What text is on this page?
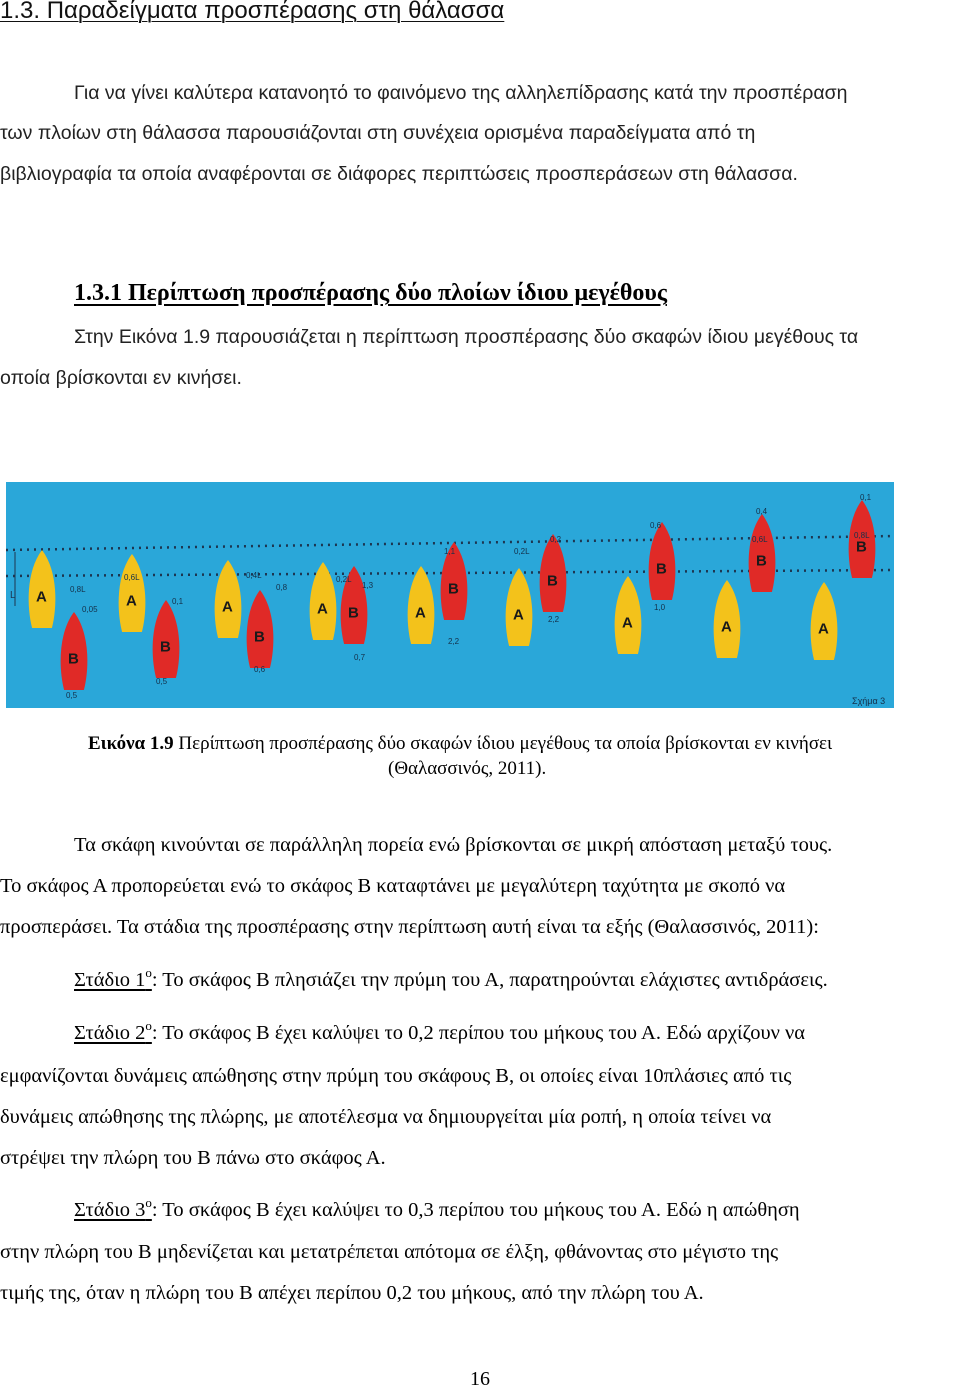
1.3. Παραδείγματα προσπέρασης στη θάλασσα
Για να γίνει καλύτερα κατανοητό το φαινόμενο της αλληλεπίδρασης κατά την προσπέραση
των πλοίων στη θάλασσα παρουσιάζονται στη συνέχεια ορισμένα παραδείγματα από τη
βιβλιογραφία τα οποία αναφέρονται σε διάφορες περιπτώσεις προσπεράσεων στη θάλασσα.
1.3.1 Περίπτωση προσπέρασης δύο πλοίων ίδιου μεγέθους
Στην Εικόνα 1.9 παρουσιάζεται η περίπτωση προσπέρασης δύο σκαφών ίδιου μεγέθους τα
οποία βρίσκονται εν κινήσει.
L A
B
0,8L
0,05
0,5
A
B
0,6L
0,1
0,5
A
B
0,4L
0,8
0,6
A B
0,2L
1,3
0,7
A
B
1,1
2,2
A
B
0,2L
0,2
2,2	A
B
0,6
1,0
A
B
0,4
0,6L
A
B
0,1
0,8L
Σχήμα 3
Εικόνα 1.9 Περίπτωση προσπέρασης δύο σκαφών ίδιου μεγέθους τα οποία βρίσκονται εν κινήσει
(Θαλασσινός, 2011).
Τα σκάφη κινούνται σε παράλληλη πορεία ενώ βρίσκονται σε μικρή απόσταση μεταξύ τους.
Το σκάφος Α προπορεύεται ενώ το σκάφος Β καταφτάνει με μεγαλύτερη ταχύτητα με σκοπό να
προσπεράσει. Τα στάδια της προσπέρασης στην περίπτωση αυτή είναι τα εξής (Θαλασσινός, 2011):
Στάδιο $1^o$: Το σκάφος Β πλησιάζει την πρύμη του Α, παρατηρούνται ελάχιστες αντιδράσεις.
Στάδιο $2^o$: Το σκάφος Β έχει καλύψει το 0,2 περίπου του μήκους του Α. Εδώ αρχίζουν να
εμφανίζονται δυνάμεις απώθησης στην πρύμη του σκάφους Β, οι οποίες είναι 10πλάσιες από τις
δυνάμεις απώθησης της πλώρης, με αποτέλεσμα να δημιουργείται μία ροπή, η οποία τείνει να
στρέψει την πλώρη του Β πάνω στο σκάφος Α.
Στάδιο $3^o$: Το σκάφος Β έχει καλύψει το 0,3 περίπου του μήκους του Α. Εδώ η απώθηση
στην πλώρη του Β μηδενίζεται και μετατρέπεται απότομα σε έλξη, φθάνοντας στο μέγιστο της
τιμής της, όταν η πλώρη του Β απέχει περίπου 0,2 του μήκους, από την πλώρη του Α.
16
